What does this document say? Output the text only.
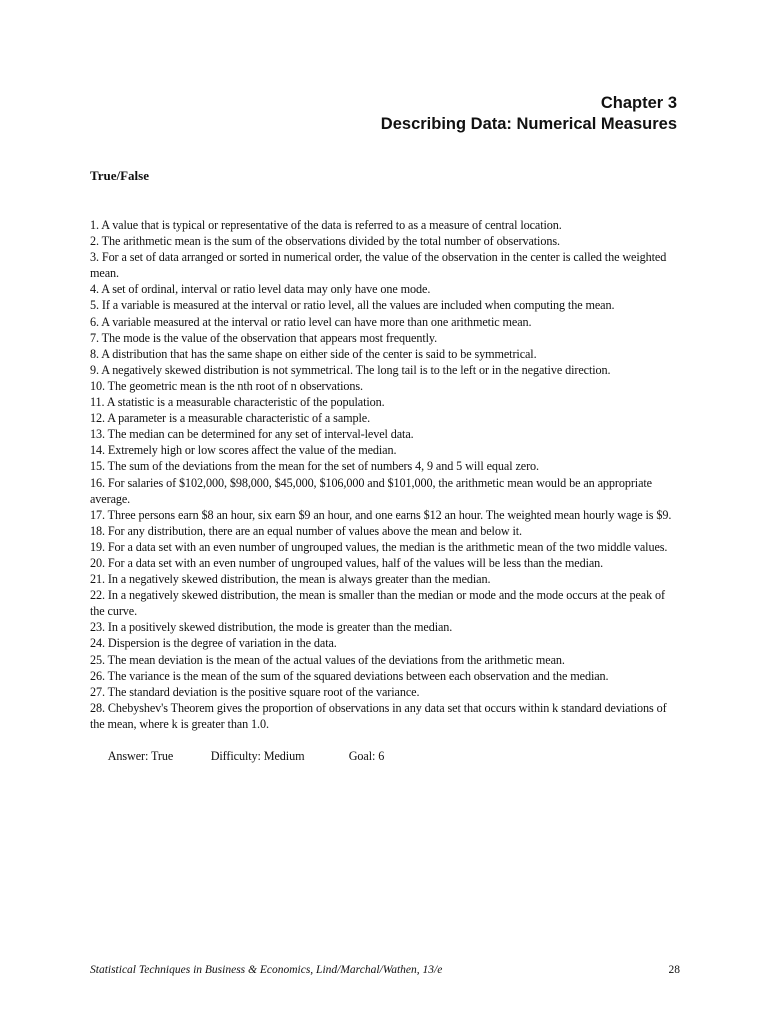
Chapter 3
Describing Data: Numerical Measures
True/False

1. A value that is typical or representative of the data is referred to as a measure of central location.

2. The arithmetic mean is the sum of the observations divided by the total number of observations.

3. For a set of data arranged or sorted in numerical order, the value of the observation in the center is called the weighted mean.

4. A set of ordinal, interval or ratio level data may only have one mode.

5. If a variable is measured at the interval or ratio level, all the values are included when computing the mean.

6. A variable measured at the interval or ratio level can have more than one arithmetic mean.

7. The mode is the value of the observation that appears most frequently.

8. A distribution that has the same shape on either side of the center is said to be symmetrical.

9. A negatively skewed distribution is not symmetrical. The long tail is to the left or in the negative direction.

10. The geometric mean is the nth root of n observations.

11. A statistic is a measurable characteristic of the population.

12. A parameter is a measurable characteristic of a sample.

13. The median can be determined for any set of interval-level data.

14. Extremely high or low scores affect the value of the median.

15. The sum of the deviations from the mean for the set of numbers 4, 9 and 5 will equal zero.

16. For salaries of $102,000, $98,000, $45,000, $106,000 and $101,000, the arithmetic mean would be an appropriate average.

17. Three persons earn $8 an hour, six earn $9 an hour, and one earns $12 an hour. The weighted mean hourly wage is $9.

18. For any distribution, there are an equal number of values above the mean and below it.

19. For a data set with an even number of ungrouped values, the median is the arithmetic mean of the two middle values.

20. For a data set with an even number of ungrouped values, half of the values will be less than the median.

21. In a negatively skewed distribution, the mean is always greater than the median.

22. In a negatively skewed distribution, the mean is smaller than the median or mode and the mode occurs at the peak of the curve.

23. In a positively skewed distribution, the mode is greater than the median.

24. Dispersion is the degree of variation in the data.

25. The mean deviation is the mean of the actual values of the deviations from the arithmetic mean.

26. The variance is the mean of the sum of the squared deviations between each observation and the median.

27. The standard deviation is the positive square root of the variance.

28. Chebyshev's Theorem gives the proportion of observations in any data set that occurs within k standard deviations of the mean, where k is greater than 1.0.

Answer: True	Difficulty: Medium	Goal: 6

Statistical Techniques in Business & Economics, Lind/Marchal/Wathen, 13/e	28
